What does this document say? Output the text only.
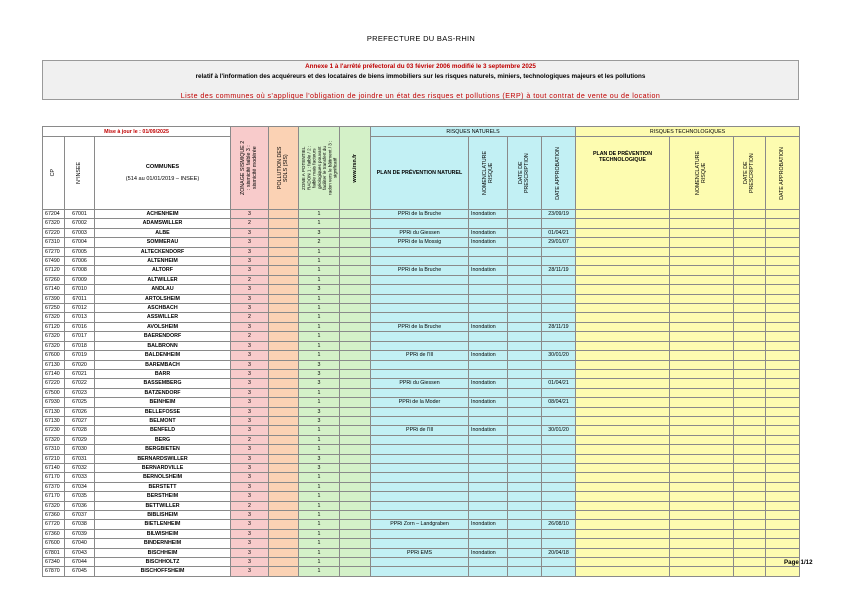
PREFECTURE DU BAS-RHIN
Annexe 1 à l'arrêté préfectoral du 03 février 2006 modifié le 3 septembre 2025
relatif à l'information des acquéreurs et des locataires de biens immobiliers sur les risques naturels, miniers, technologiques majeurs et les pollutions
Liste des communes où s'applique l'obligation de joindre un état des risques et pollutions (ERP) à tout contrat de vente ou de location
Mise à jour le : 01/09/2025			ZONAGE SISMIQUE 2 : sismicité faible 3 : sismicité modérée	POLLUTION DES SOLS (SIS)	ZONE A POTENTIEL RADON 1 : faible / 2 : faible mais facteurs géologiques pouvant faciliter le transfert du radon vers le bâtiment / 3 : significatif	www.irsn.fr	RISQUES NATURELS				RISQUES TECHNOLOGIQUES			

CP	N°INSEE	COMMUNES
(514 au 01/01/2019 – INSEE)					PLAN DE PRÉVENTION NATUREL	NOMENCLATURE RISQUE	DATE DE PRESCRIPTION	DATE APPROBATION	PLAN DE PRÉVENTION TECHNOLOGIQUE	NOMENCLATURE RISQUE	DATE DE PRESCRIPTION	DATE APPROBATION

67204	67001	ACHENHEIM	3		1		PPRi de la Bruche	Inondation		23/09/19				
67320	67002	ADAMSWILLER	2		1									
67220	67003	ALBE	3		3		PPRi du Giessen	Inondation		01/04/21				
67310	67004	SOMMERAU	3		2		PPRi de la Mossig	Inondation		29/01/07				
67270	67005	ALTECKENDORF	3		1									
67490	67006	ALTENHEIM	3		1									
67120	67008	ALTORF	3		1		PPRi de la Bruche	Inondation		28/11/19				
67260	67009	ALTWILLER	2		1									
67140	67010	ANDLAU	3		3									
67390	67011	ARTOLSHEIM	3		1									
67250	67012	ASCHBACH	3		1									
67320	67013	ASSWILLER	2		1									
67120	67016	AVOLSHEIM	3		1		PPRi de la Bruche	Inondation		28/11/19				
67320	67017	BAERENDORF	2		1									
67320	67018	BALBRONN	3		1									
67600	67019	BALDENHEIM	3		1		PPRi de l'Ill	Inondation		30/01/20				
67130	67020	BAREMBACH	3		3									
67140	67021	BARR	3		3									
67220	67022	BASSEMBERG	3		3		PPRi du Giessen	Inondation		01/04/21				
67500	67023	BATZENDORF	3		1									
67930	67025	BEINHEIM	3		1		PPRi de la Moder	Inondation		08/04/21				
67130	67026	BELLEFOSSE	3		3									
67130	67027	BELMONT	3		3									
67230	67028	BENFELD	3		1		PPRi de l'Ill	Inondation		30/01/20				
67320	67029	BERG	2		1									
67310	67030	BERGBIETEN	3		1									
67210	67031	BERNARDSWILLER	3		3									
67140	67032	BERNARDVILLE	3		3									
67170	67033	BERNOLSHEIM	3		1									
67370	67034	BERSTETT	3		1									
67170	67035	BERSTHEIM	3		1									
67320	67036	BETTWILLER	2		1									
67360	67037	BIBLISHEIM	3		1									
67720	67038	BIETLENHEIM	3		1		PPRi Zorn – Landgraben	Inondation		26/08/10				
67360	67039	BILWISHEIM	3		1									
67600	67040	BINDERNHEIM	3		1									
67801	67043	BISCHHEIM	3		1		PPRi EMS	Inondation		20/04/18				
67340	67044	BISCHHOLTZ	3		1									
67870	67045	BISCHOFFSHEIM	3		1									
Page 1/12
